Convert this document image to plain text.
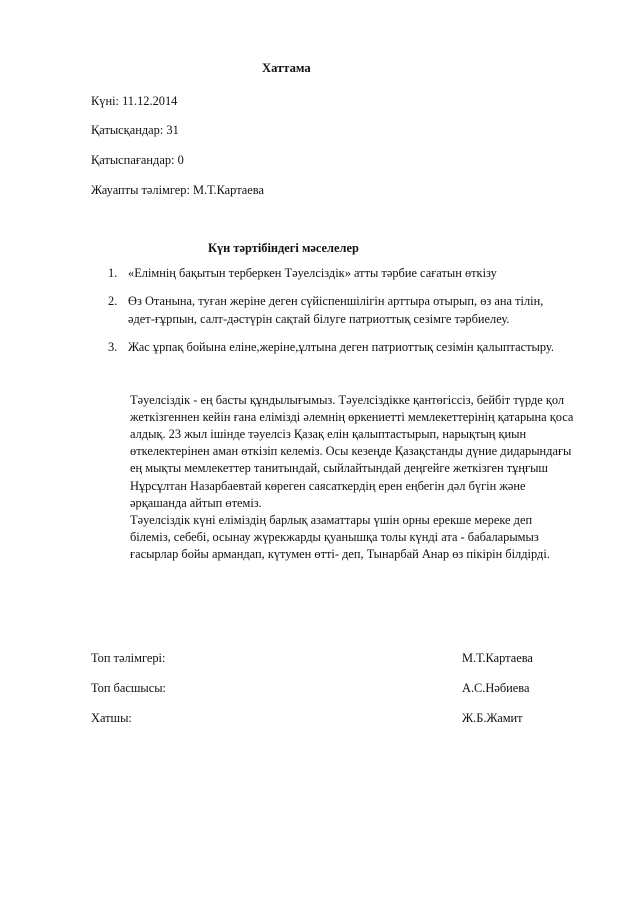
Хаттама
Күні: 11.12.2014
Қатысқандар: 31
Қатыспағандар: 0
Жауапты тәлімгер: М.Т.Картаева
Күн тәртібіндегі мәселелер
1. «Елімнің бақытын терберкен Тәуелсіздік» атты тәрбие сағатын өткізу
2. Өз Отанына, туған жеріне деген сүйіспеншілігін арттыра отырып, өз ана тілін,
әдет-ғұрпын, салт-дәстүрін сақтай білуге патриоттық сезімге тәрбиелеу.
3. Жас ұрпақ бойына еліне,жеріне,ұлтына деген патриоттық сезімін қалыптастыру.
Тәуелсіздік - ең басты құндылығымыз. Тәуелсіздікке қантөгіссіз, бейбіт түрде қол
жеткізгеннен кейін ғана елімізді әлемнің өркениетті мемлекеттерінің қатарына қоса
алдық. 23 жыл ішінде тәуелсіз Қазақ елін қалыптастырып, нарықтың қиын
өткелектерінен аман өткізіп келеміз. Осы кезеңде Қазақстанды дүние дидарындағы
ең мықты мемлекеттер танитындай, сыйлайтындай деңгейге жеткізген тұңғыш
Нұрсұлтан Назарбаевтай көреген саясаткердің ерен еңбегін дәл бүгін және
әрқашанда айтып өтеміз.
Тәуелсіздік күні еліміздің барлық азаматтары үшін орны ерекше мереке деп
білеміз, себебі, осынау жүрекжарды қуанышқа толы күнді ата - бабаларымыз
ғасырлар бойы армандап, күтумен өтті- деп, Тынарбай Анар өз пікірін білдірді.
Топ тәлімгері:	М.Т.Картаева
Топ басшысы:	А.С.Нәбиева
Хатшы:	Ж.Б.Жамит
